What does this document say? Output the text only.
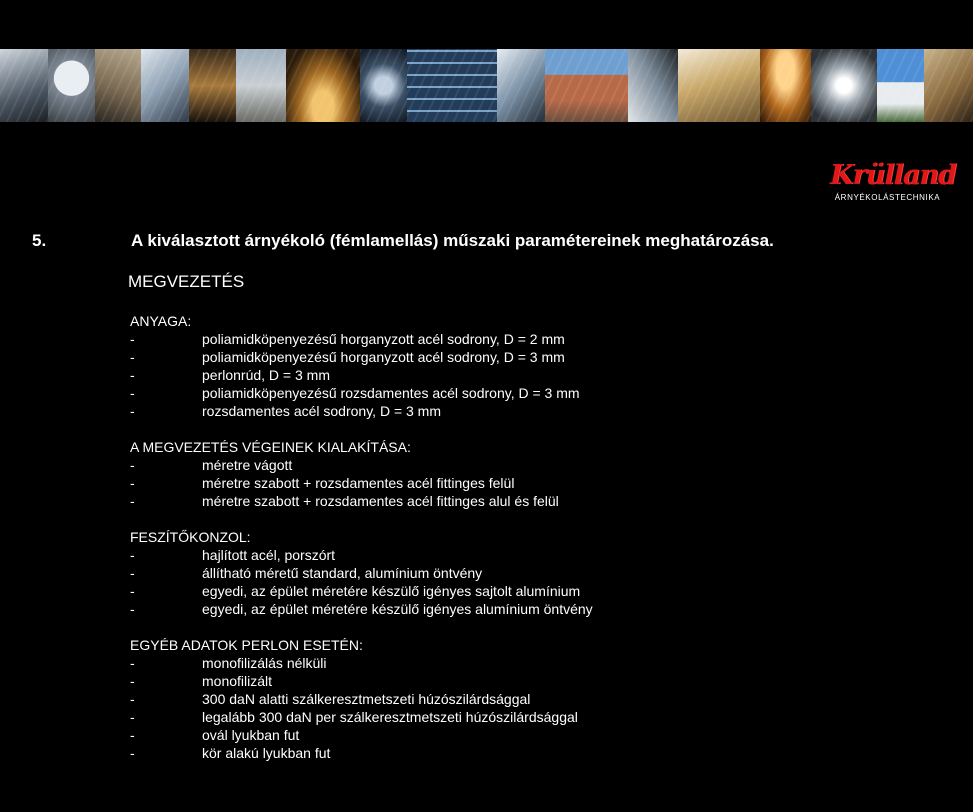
Krülland
ÁRNYÉKOLÁSTECHNIKA
5.	A kiválasztott árnyékoló (fémlamellás) műszaki paramétereinek meghatározása.
MEGVEZETÉS
ANYAGA:
-	poliamidköpenyezésű horganyzott acél sodrony, D = 2 mm
-	poliamidköpenyezésű horganyzott acél sodrony, D = 3 mm
-	perlonrúd, D = 3 mm
-	poliamidköpenyezésű rozsdamentes acél sodrony, D = 3 mm
-	rozsdamentes acél sodrony, D = 3 mm
A MEGVEZETÉS VÉGEINEK KIALAKÍTÁSA:
-	méretre vágott
-	méretre szabott + rozsdamentes acél fittinges felül
-	méretre szabott + rozsdamentes acél fittinges alul és felül
FESZÍTŐKONZOL:
-	hajlított acél, porszórt
-	állítható méretű standard, alumínium öntvény
-	egyedi, az épület méretére készülő igényes sajtolt alumínium
-	egyedi, az épület méretére készülő igényes alumínium öntvény
EGYÉB ADATOK PERLON ESETÉN:
-	monofilizálás nélküli
-	monofilizált
-	300 daN alatti szálkeresztmetszeti húzószilárdsággal
-	legalább 300 daN per szálkeresztmetszeti húzószilárdsággal
-	ovál lyukban fut
-	kör alakú lyukban fut
